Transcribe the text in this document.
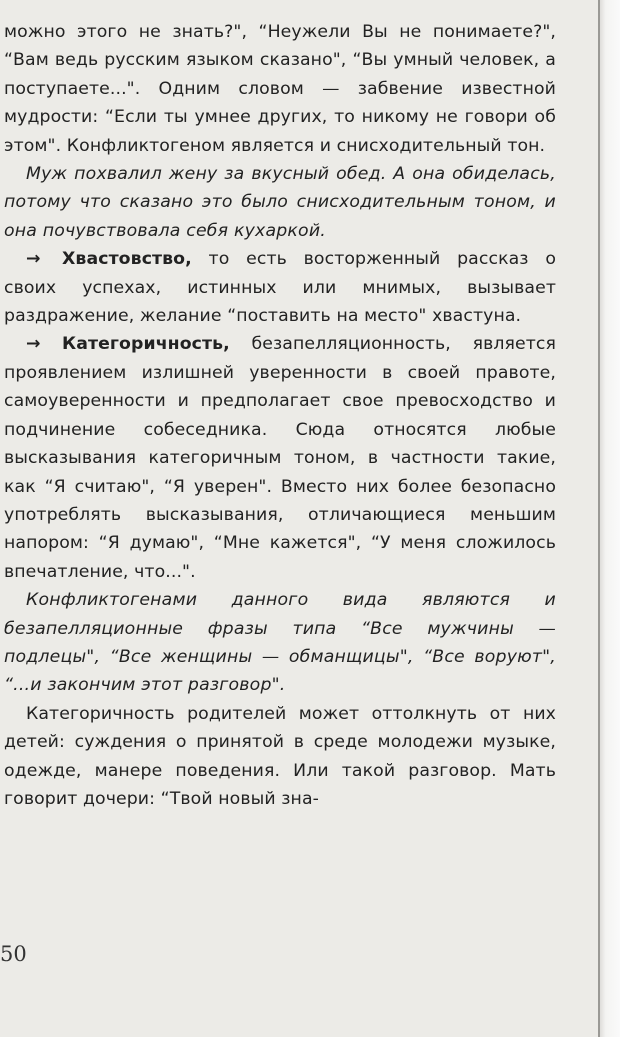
можно этого не знать?", “Неужели Вы не понимаете?", “Вам ведь русским языком сказано", “Вы умный человек, а поступаете...". Одним словом — забвение известной мудрости: “Если ты умнее других, то никому не говори об этом". Конфликтогеном является и снисходительный тон.

Муж похвалил жену за вкусный обед. А она обиделась, потому что сказано это было снисходительным тоном, и она почувствовала себя кухаркой.

→ Хвастовство, то есть восторженный рассказ о своих успехах, истинных или мнимых, вызывает раздражение, желание “поставить на место" хвастуна.

→ Категоричность, безапелляционность, является проявлением излишней уверенности в своей правоте, самоуверенности и предполагает свое превосходство и подчинение собеседника. Сюда относятся любые высказывания категоричным тоном, в частности такие, как “Я считаю", “Я уверен". Вместо них более безопасно употреблять высказывания, отличающиеся меньшим напором: “Я думаю", “Мне кажется", “У меня сложилось впечатление, что...".

Конфликтогенами данного вида являются и безапелляционные фразы типа “Все мужчины — подлецы", “Все женщины — обманщицы", “Все воруют", “...и закончим этот разговор".

Категоричность родителей может оттолкнуть от них детей: суждения о принятой в среде молодежи музыке, одежде, манере поведения. Или такой разговор. Мать говорит дочери: “Твой новый зна-

50
